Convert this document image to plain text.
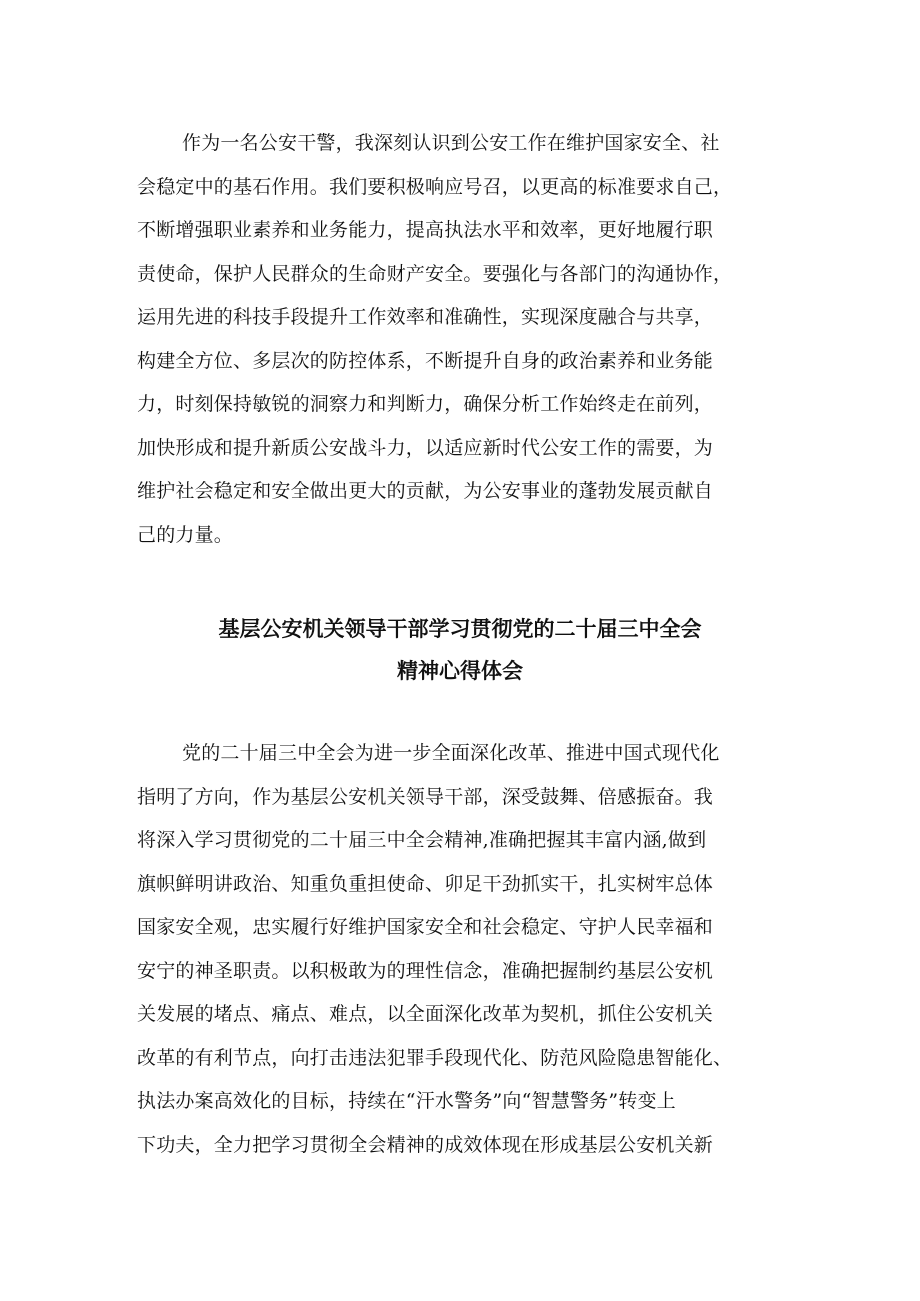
作为一名公安干警，我深刻认识到公安工作在维护国家安全、社
会稳定中的基石作用。我们要积极响应号召，以更高的标准要求自己，
不断增强职业素养和业务能力，提高执法水平和效率，更好地履行职
责使命，保护人民群众的生命财产安全。要强化与各部门的沟通协作，
运用先进的科技手段提升工作效率和准确性，实现深度融合与共享，
构建全方位、多层次的防控体系，不断提升自身的政治素养和业务能
力，时刻保持敏锐的洞察力和判断力，确保分析工作始终走在前列，
加快形成和提升新质公安战斗力，以适应新时代公安工作的需要，为
维护社会稳定和安全做出更大的贡献，为公安事业的蓬勃发展贡献自
己的力量。
基层公安机关领导干部学习贯彻党的二十届三中全会
精神心得体会
党的二十届三中全会为进一步全面深化改革、推进中国式现代化
指明了方向，作为基层公安机关领导干部，深受鼓舞、倍感振奋。我
将深入学习贯彻党的二十届三中全会精神,准确把握其丰富内涵,做到
旗帜鲜明讲政治、知重负重担使命、卯足干劲抓实干，扎实树牢总体
国家安全观，忠实履行好维护国家安全和社会稳定、守护人民幸福和
安宁的神圣职责。以积极敢为的理性信念，准确把握制约基层公安机
关发展的堵点、痛点、难点，以全面深化改革为契机，抓住公安机关
改革的有利节点，向打击违法犯罪手段现代化、防范风险隐患智能化、
执法办案高效化的目标，持续在“汗水警务”向“智慧警务”转变上
下功夫，全力把学习贯彻全会精神的成效体现在形成基层公安机关新
